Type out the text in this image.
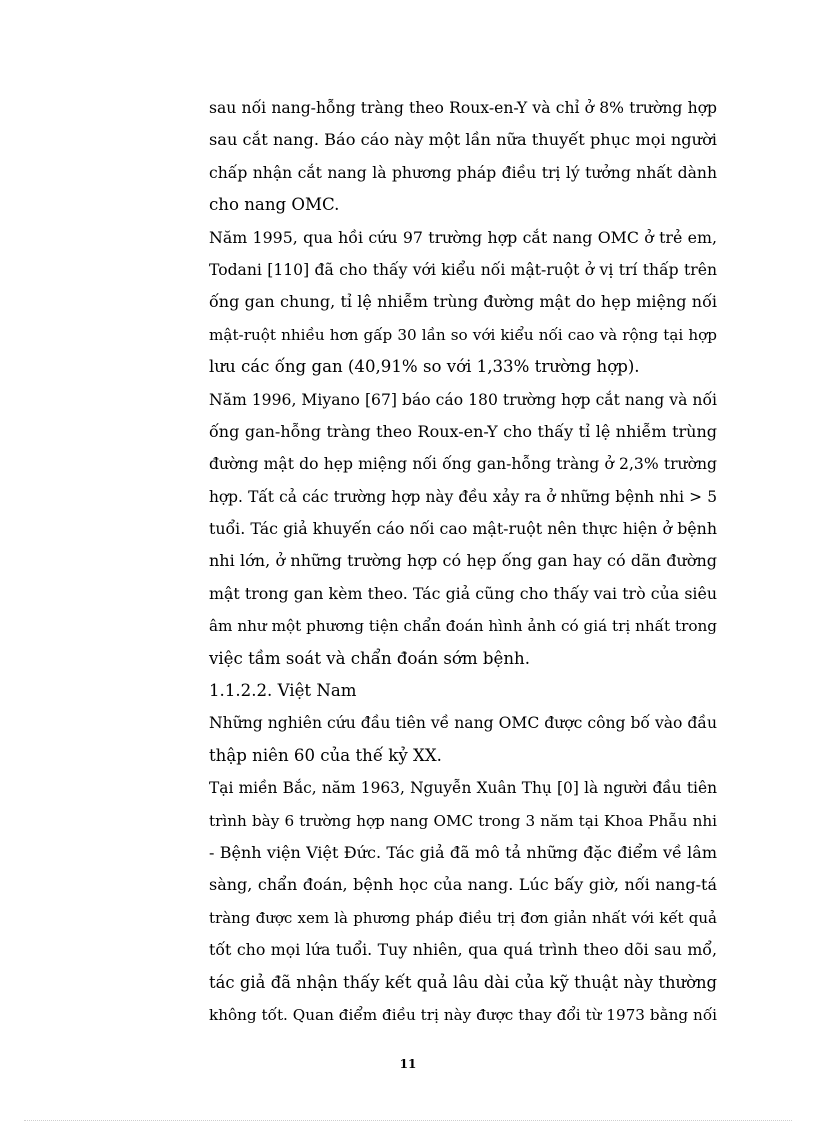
sau nối nang-hỗng tràng theo Roux-en-Y và chỉ ở 8% trường hợp
sau cắt nang. Báo cáo này một lần nữa thuyết phục mọi người
chấp nhận cắt nang là phương pháp điều trị lý tưởng nhất dành
cho nang OMC.
Năm 1995, qua hồi cứu 97 trường hợp cắt nang OMC ở trẻ em,
Todani [110] đã cho thấy với kiểu nối mật-ruột ở vị trí thấp trên
ống gan chung, tỉ lệ nhiễm trùng đường mật do hẹp miệng nối
mật-ruột nhiều hơn gấp 30 lần so với kiểu nối cao và rộng tại hợp
lưu các ống gan (40,91% so với 1,33% trường hợp).
Năm 1996, Miyano [67] báo cáo 180 trường hợp cắt nang và nối
ống gan-hỗng tràng theo Roux-en-Y cho thấy tỉ lệ nhiễm trùng
đường mật do hẹp miệng nối ống gan-hỗng tràng ở 2,3% trường
hợp. Tất cả các trường hợp này đều xảy ra ở những bệnh nhi > 5
tuổi. Tác giả khuyến cáo nối cao mật-ruột nên thực hiện ở bệnh
nhi lớn, ở những trường hợp có hẹp ống gan hay có dãn đường
mật trong gan kèm theo. Tác giả cũng cho thấy vai trò của siêu
âm như một phương tiện chẩn đoán hình ảnh có giá trị nhất trong
việc tầm soát và chẩn đoán sớm bệnh.
1.1.2.2. Việt Nam
Những nghiên cứu đầu tiên về nang OMC được công bố vào đầu
thập niên 60 của thế kỷ XX.
Tại miền Bắc, năm 1963, Nguyễn Xuân Thụ [0] là người đầu tiên
trình bày 6 trường hợp nang OMC trong 3 năm tại Khoa Phẫu nhi
- Bệnh viện Việt Đức. Tác giả đã mô tả những đặc điểm về lâm
sàng, chẩn đoán, bệnh học của nang. Lúc bấy giờ, nối nang-tá
tràng được xem là phương pháp điều trị đơn giản nhất với kết quả
tốt cho mọi lứa tuổi. Tuy nhiên, qua quá trình theo dõi sau mổ,
tác giả đã nhận thấy kết quả lâu dài của kỹ thuật này thường
không tốt. Quan điểm điều trị này được thay đổi từ 1973 bằng nối
11
